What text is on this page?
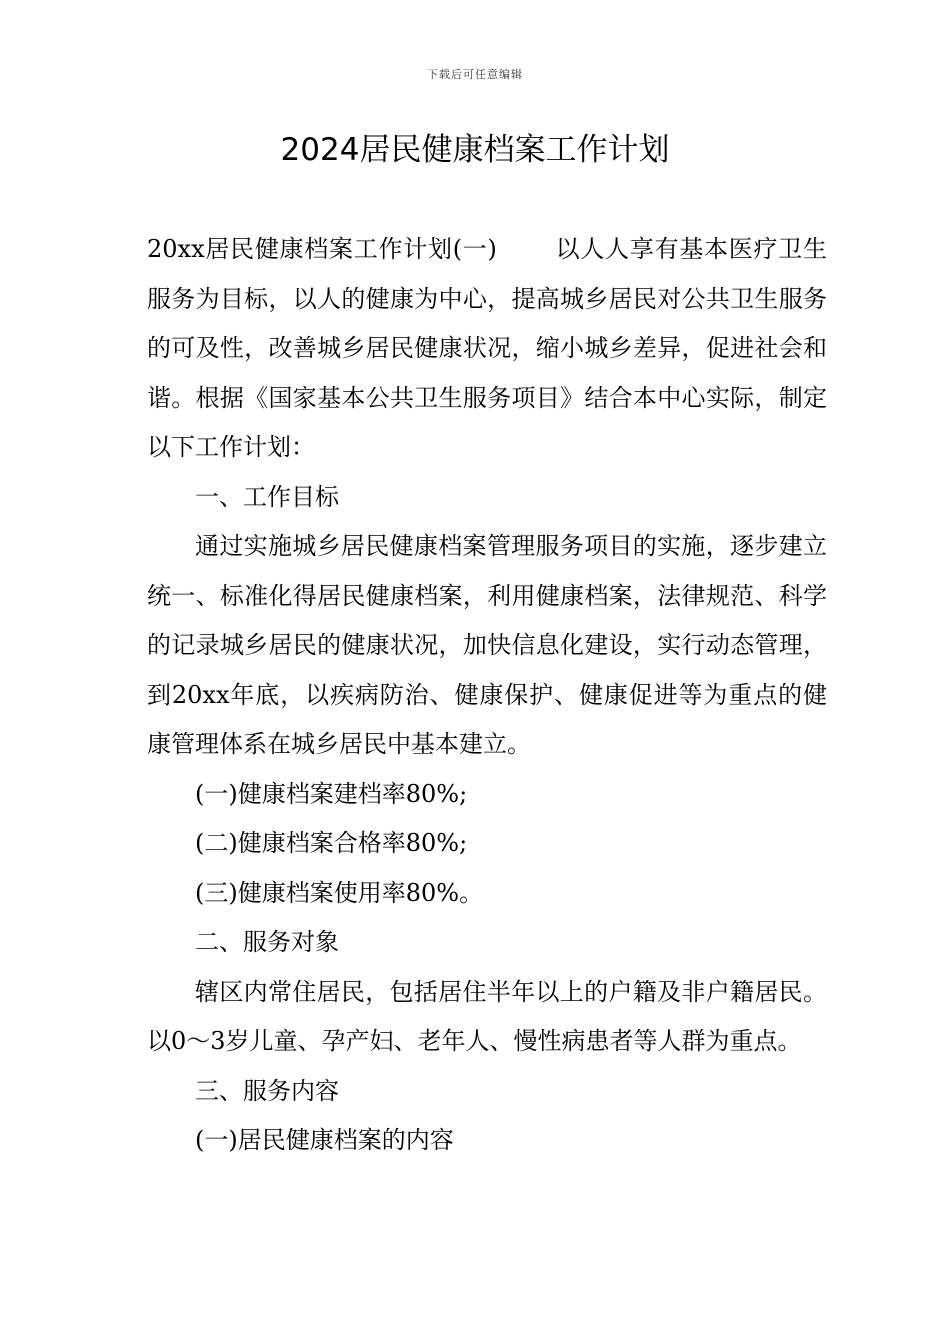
下载后可任意编辑
2024居民健康档案工作计划

20xx居民健康档案工作计划(一) 以人人享有基本医疗卫生服务为目标，以人的健康为中心，提高城乡居民对公共卫生服务的可及性，改善城乡居民健康状况，缩小城乡差异，促进社会和谐。根据《国家基本公共卫生服务项目》结合本中心实际，制定以下工作计划：

一、工作目标

通过实施城乡居民健康档案管理服务项目的实施，逐步建立统一、标准化得居民健康档案，利用健康档案，法律规范、科学的记录城乡居民的健康状况，加快信息化建设，实行动态管理，到20xx年底，以疾病防治、健康保护、健康促进等为重点的健康管理体系在城乡居民中基本建立。

(一)健康档案建档率80%;

(二)健康档案合格率80%;

(三)健康档案使用率80%。

二、服务对象

辖区内常住居民，包括居住半年以上的户籍及非户籍居民。以0～3岁儿童、孕产妇、老年人、慢性病患者等人群为重点。

三、服务内容

(一)居民健康档案的内容
